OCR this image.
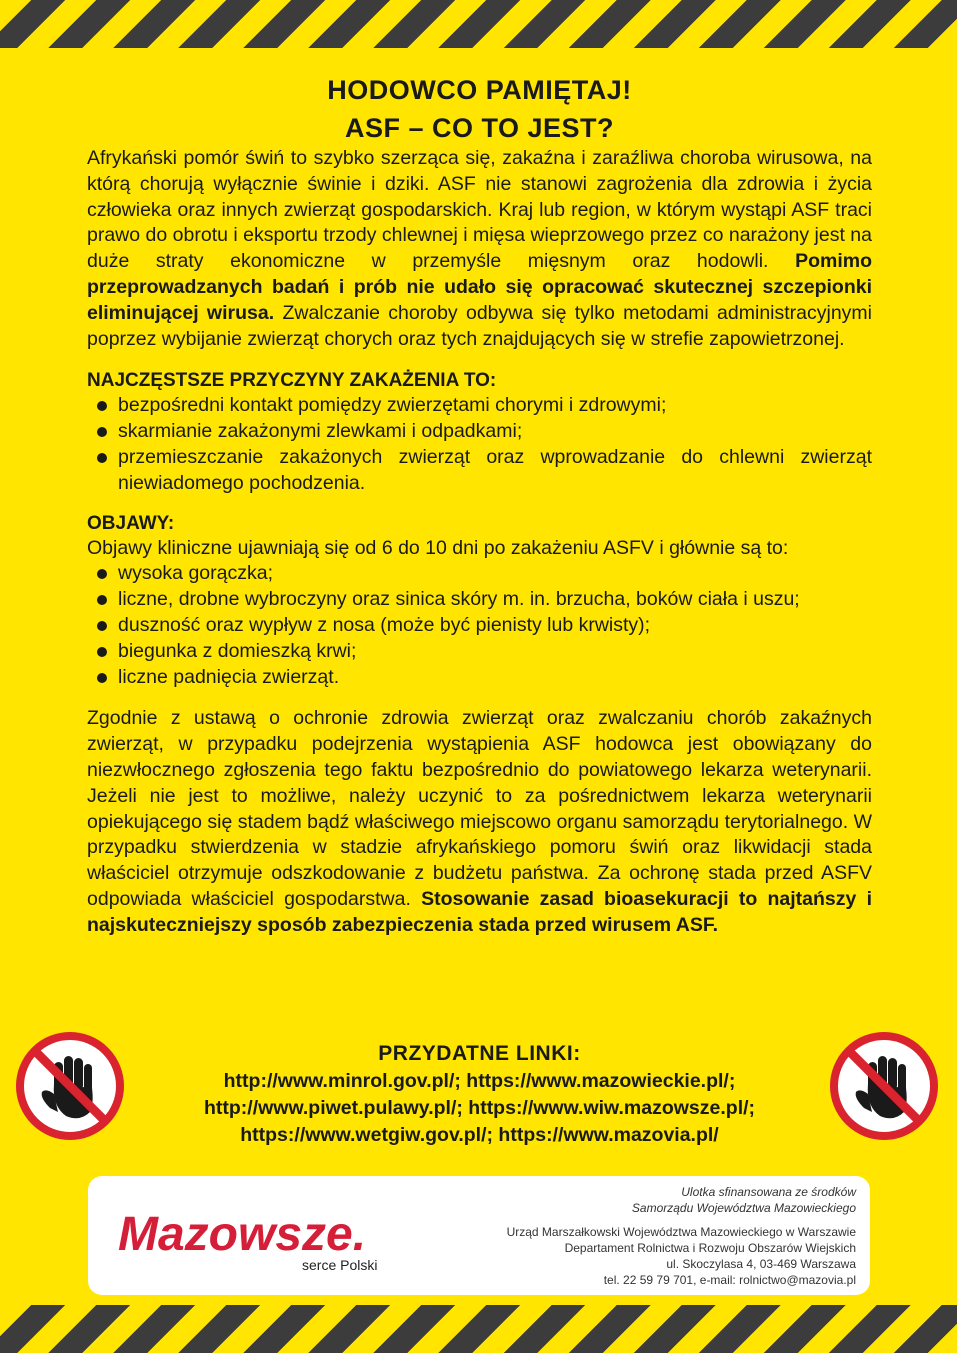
HODOWCO PAMIĘTAJ!
ASF – CO TO JEST?

Afrykański pomór świń to szybko szerząca się, zakaźna i zaraźliwa choroba wirusowa, na którą chorują wyłącznie świnie i dziki. ASF nie stanowi zagrożenia dla zdrowia i życia człowieka oraz innych zwierząt gospodarskich. Kraj lub region, w którym wystąpi ASF traci prawo do obrotu i eksportu trzody chlewnej i mięsa wieprzowego przez co narażony jest na duże straty ekonomiczne w przemyśle mięsnym oraz hodowli. Pomimo przeprowadzanych badań i prób nie udało się opracować skutecznej szczepionki eliminującej wirusa. Zwalczanie choroby odbywa się tylko metodami administracyjnymi poprzez wybijanie zwierząt chorych oraz tych znajdujących się w strefie zapowietrzonej.

NAJCZĘSTSZE PRZYCZYNY ZAKAŻENIA TO:
bezpośredni kontakt pomiędzy zwierzętami chorymi i zdrowymi;
skarmianie zakażonymi zlewkami i odpadkami;
przemieszczanie zakażonych zwierząt oraz wprowadzanie do chlewni zwierząt niewiadomego pochodzenia.
OBJAWY:

Objawy kliniczne ujawniają się od 6 do 10 dni po zakażeniu ASFV i głównie są to:

wysoka gorączka;
liczne, drobne wybroczyny oraz sinica skóry m. in. brzucha, boków ciała i uszu;
duszność oraz wypływ z nosa (może być pienisty lub krwisty);
biegunka z domieszką krwi;
liczne padnięcia zwierząt.

Zgodnie z ustawą o ochronie zdrowia zwierząt oraz zwalczaniu chorób zakaźnych zwierząt, w przypadku podejrzenia wystąpienia ASF hodowca jest obowiązany do niezwłocznego zgłoszenia tego faktu bezpośrednio do powiatowego lekarza weterynarii. Jeżeli nie jest to możliwe, należy uczynić to za pośrednictwem lekarza weterynarii opiekującego się stadem bądź właściwego miejscowo organu samorządu terytorialnego. W przypadku stwierdzenia w stadzie afrykańskiego pomoru świń oraz likwidacji stada właściciel otrzymuje odszkodowanie z budżetu państwa. Za ochronę stada przed ASFV odpowiada właściciel gospodarstwa. Stosowanie zasad bioasekuracji to najtańszy i najskuteczniejszy sposób zabezpieczenia stada przed wirusem ASF.

PRZYDATNE LINKI:
http://www.minrol.gov.pl/; https://www.mazowieckie.pl/;
http://www.piwet.pulawy.pl/; https://www.wiw.mazowsze.pl/;
https://www.wetgiw.gov.pl/; https://www.mazovia.pl/
Mazowsze.
serce Polski
Ulotka sfinansowana ze środków
Samorządu Województwa Mazowieckiego
Urząd Marszałkowski Województwa Mazowieckiego w Warszawie
Departament Rolnictwa i Rozwoju Obszarów Wiejskich
ul. Skoczylasa 4, 03-469 Warszawa
tel. 22 59 79 701, e-mail: rolnictwo@mazovia.pl
